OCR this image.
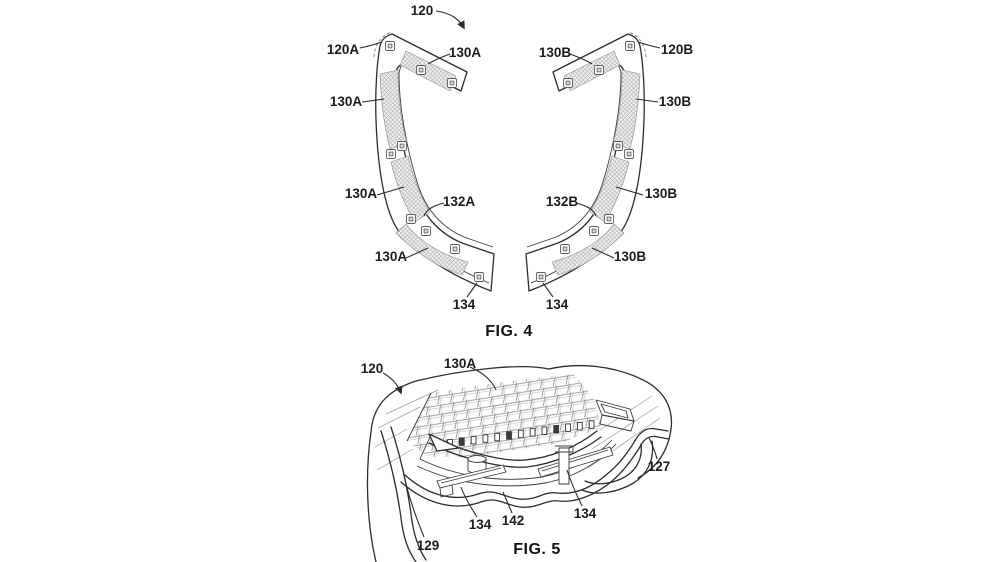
120
120A	130A	130B	120B
130A	130B
130A
132A	132B
130B
130A	130B
134	134
FIG. 4
120	130A
127
134 142	134
129	FIG. 5
